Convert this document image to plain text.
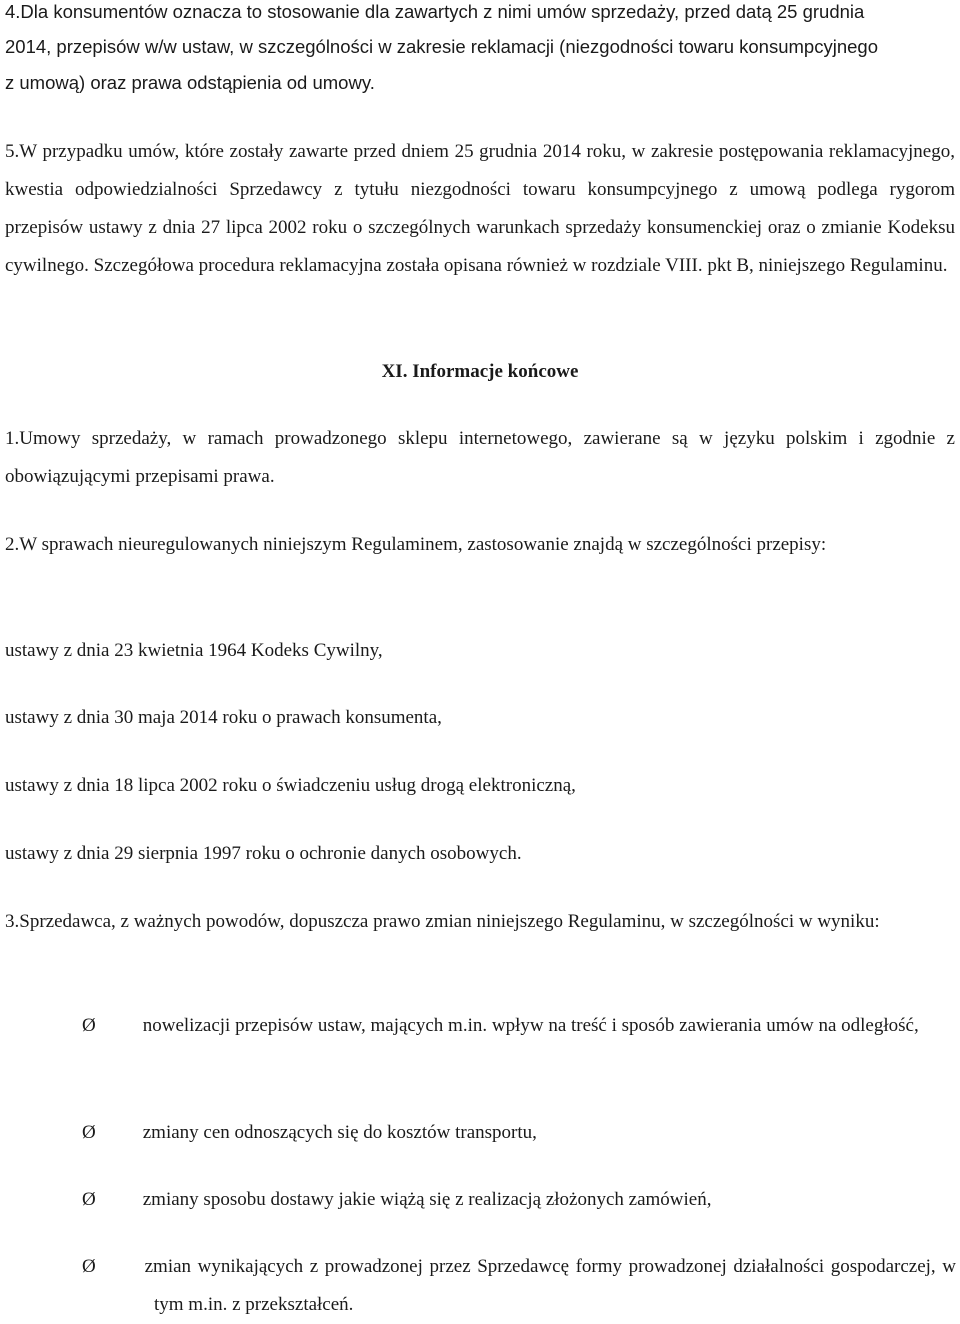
4.Dla konsumentów oznacza to stosowanie dla zawartych z nimi umów sprzedaży, przed datą 25 grudnia

2014, przepisów w/w ustaw, w szczególności w zakresie reklamacji (niezgodności towaru konsumpcyjnego

z umową) oraz prawa odstąpienia od umowy.

5.W przypadku umów, które zostały zawarte przed dniem 25 grudnia 2014 roku, w zakresie postępowania reklamacyjnego, kwestia odpowiedzialności Sprzedawcy z tytułu niezgodności towaru konsumpcyjnego z umową podlega rygorom przepisów ustawy z dnia 27 lipca 2002 roku o szczególnych warunkach sprzedaży konsumenckiej oraz o zmianie Kodeksu cywilnego. Szczegółowa procedura reklamacyjna została opisana również w rozdziale VIII. pkt B, niniejszego Regulaminu.

XI. Informacje końcowe

1.Umowy sprzedaży, w ramach prowadzonego sklepu internetowego, zawierane są w języku polskim i zgodnie z obowiązującymi przepisami prawa.

2.W sprawach nieuregulowanych niniejszym Regulaminem, zastosowanie znajdą w szczególności przepisy:

ustawy z dnia 23 kwietnia 1964 Kodeks Cywilny,

ustawy z dnia 30 maja 2014 roku o prawach konsumenta,

ustawy z dnia 18 lipca 2002 roku o świadczeniu usług drogą elektroniczną,

ustawy z dnia 29 sierpnia 1997 roku o ochronie danych osobowych.

3.Sprzedawca, z ważnych powodów, dopuszcza prawo zmian niniejszego Regulaminu, w szczególności w wyniku:

Ø nowelizacji przepisów ustaw, mających m.in. wpływ na treść i sposób zawierania umów na odległość,
Ø zmiany cen odnoszących się do kosztów transportu,
Ø zmiany sposobu dostawy jakie wiążą się z realizacją złożonych zamówień,
Ø	zmian wynikających z prowadzonej przez Sprzedawcę formy prowadzonej działalności gospodarczej, w tym m.in. z przekształceń.
